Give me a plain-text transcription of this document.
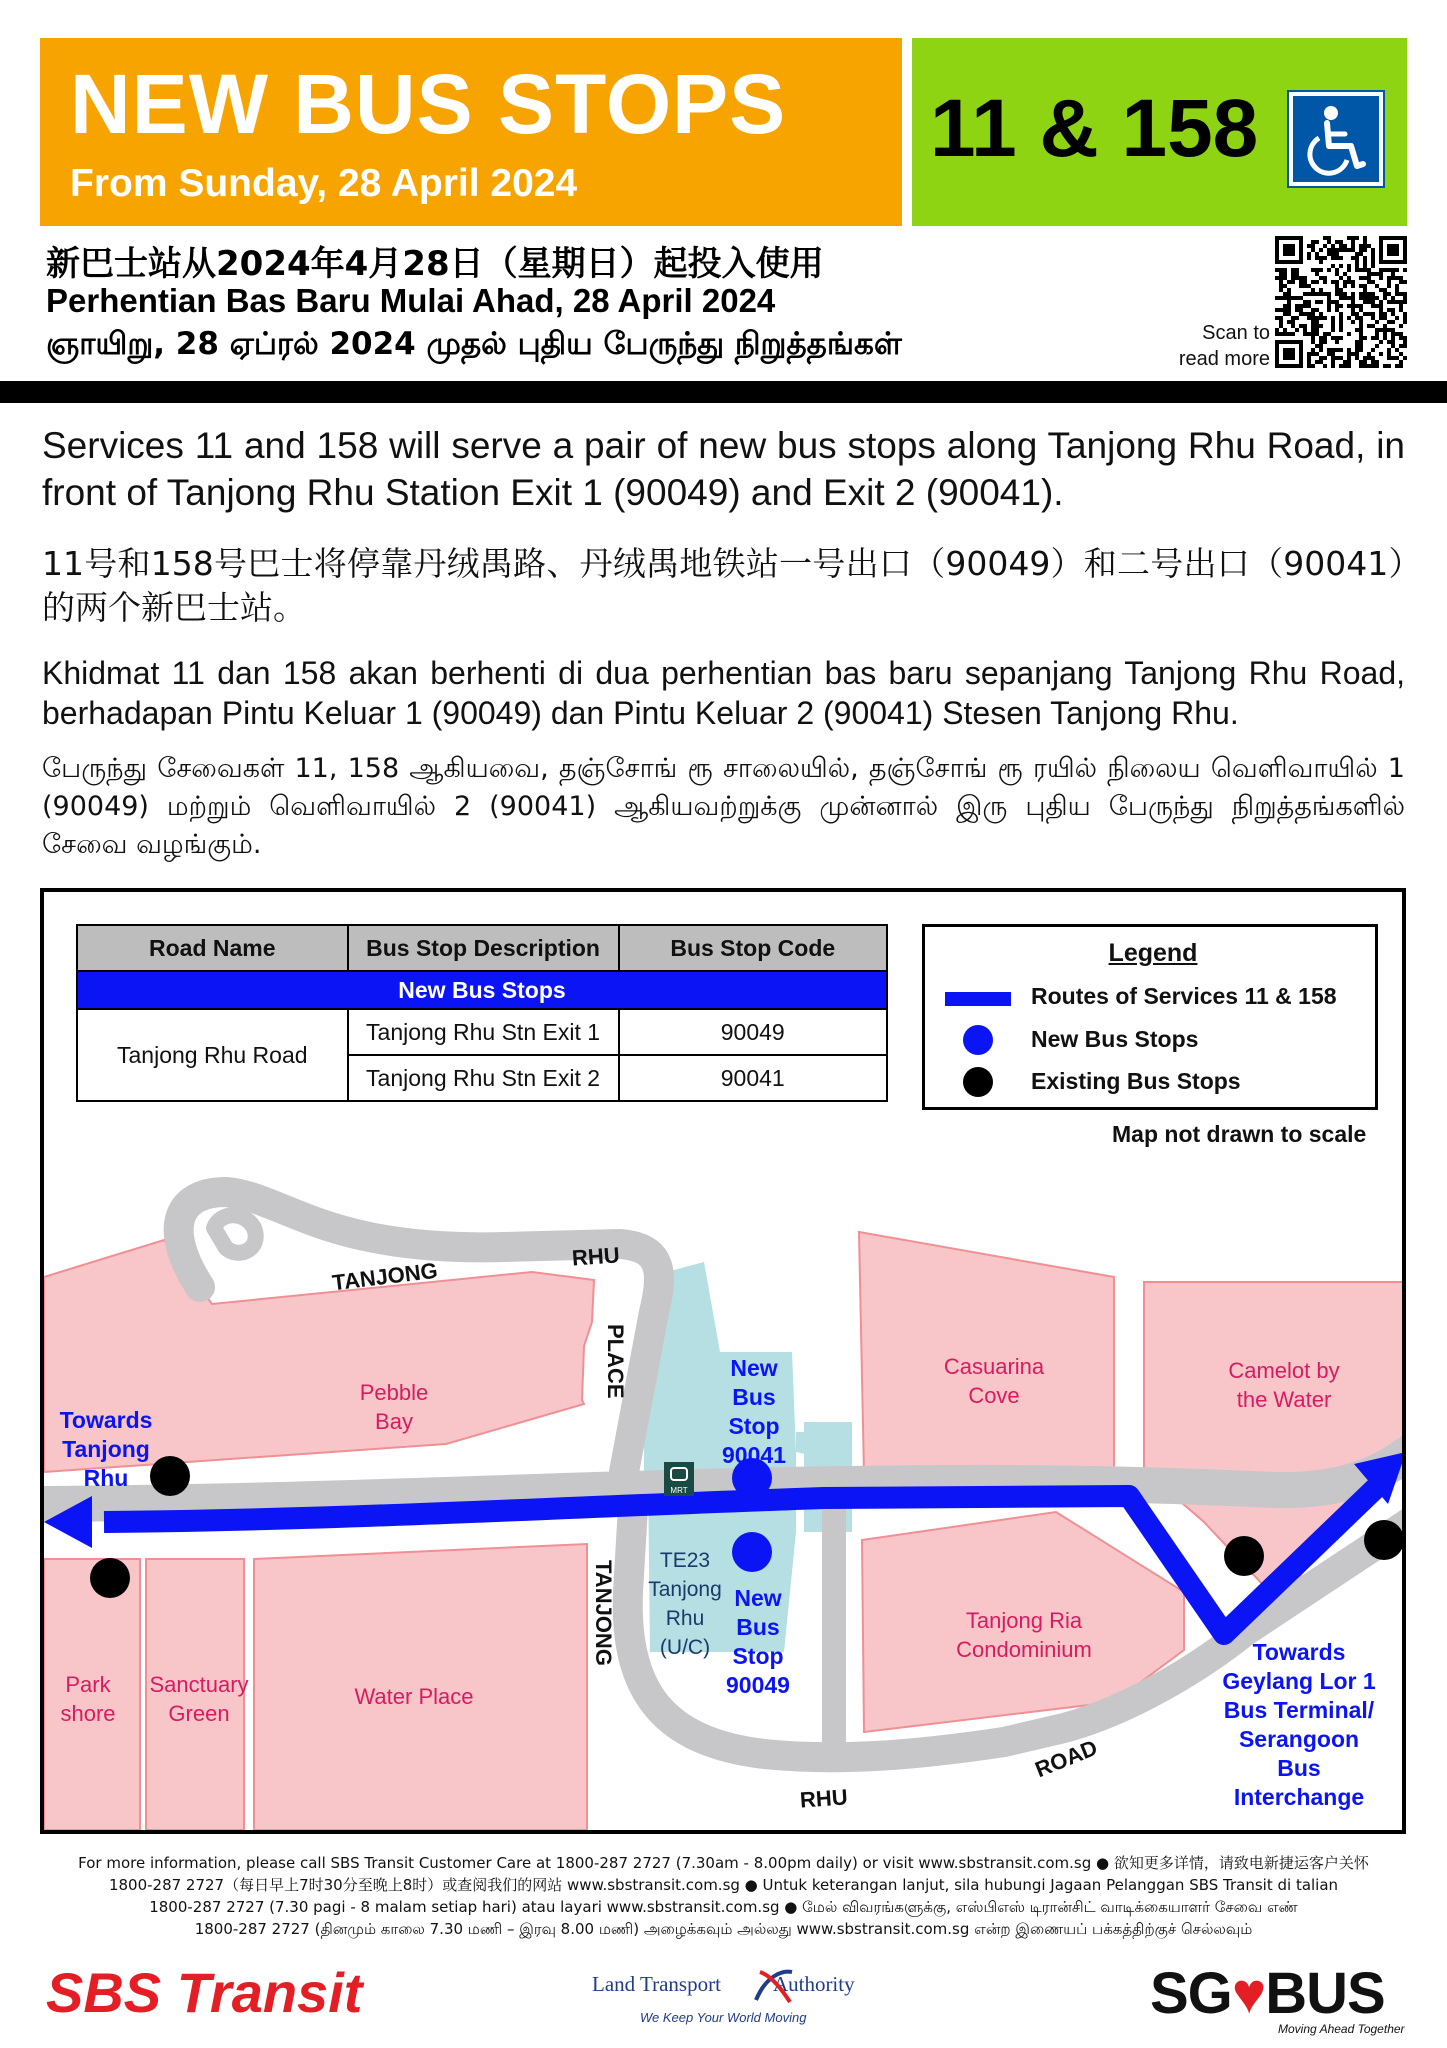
NEW BUS STOPS
From Sunday, 28 April 2024
11 & 158
新巴士站从2024年4月28日（星期日）起投入使用
Perhentian Bas Baru Mulai Ahad, 28 April 2024
ஞாயிறு, 28 ஏப்ரல் 2024 முதல் புதிய பேருந்து நிறுத்தங்கள்	Scan to
read more
Services 11 and 158 will serve a pair of new bus stops along Tanjong Rhu Road, in front of Tanjong Rhu Station Exit 1 (90049) and Exit 2 (90041).
11号和158号巴士将停靠丹绒禺路、丹绒禺地铁站一号出口（90049）和二号出口（90041）的两个新巴士站。
Khidmat 11 dan 158 akan berhenti di dua perhentian bas baru sepanjang Tanjong Rhu Road, berhadapan Pintu Keluar 1 (90049) dan Pintu Keluar 2 (90041) Stesen Tanjong Rhu.
பேருந்து சேவைகள் 11, 158 ஆகியவை, தஞ்சோங் ரூ சாலையில், தஞ்சோங் ரூ ரயில் நிலைய வெளிவாயில் 1 (90049) மற்றும் வெளிவாயில் 2 (90041) ஆகியவற்றுக்கு முன்னால் இரு புதிய பேருந்து நிறுத்தங்களில் சேவை வழங்கும்.
MRT
Road Name	Bus Stop Description	Bus Stop Code
New Bus Stops		
Tanjong Rhu Road	Tanjong Rhu Stn Exit 1	90049
	Tanjong Rhu Stn Exit 2	90041
Legend
Routes of Services 11 & 158
New Bus Stops
Existing Bus Stops
Pebble
Bay
Casuarina
Cove
Camelot by
the Water
Tanjong Ria
Condominium
Park
shore
Sanctuary
Green
Water Place
TANJONG
RHU
PLACE
TANJONG
RHU
ROAD
TE23
Tanjong
Rhu
(U/C)
New
Bus
Stop
90041
New
Bus
Stop
90049
Towards
Tanjong
Rhu
Towards
Geylang Lor 1
Bus Terminal/
Serangoon
Bus
Interchange
Map not drawn to scale
For more information, please call SBS Transit Customer Care at 1800-287 2727 (7.30am - 8.00pm daily) or visit www.sbstransit.com.sg ● 欲知更多详情，请致电新捷运客户关怀
1800-287 2727（每日早上7时30分至晚上8时）或查阅我们的网站 www.sbstransit.com.sg ● Untuk keterangan lanjut, sila hubungi Jagaan Pelanggan SBS Transit di talian
1800-287 2727 (7.30 pagi - 8 malam setiap hari) atau layari www.sbstransit.com.sg ● மேல் விவரங்களுக்கு, எஸ்பிஎஸ் டிரான்சிட் வாடிக்கையாளர் சேவை எண்
1800-287 2727 (தினமும் காலை 7.30 மணி – இரவு 8.00 மணி) அழைக்கவும் அல்லது www.sbstransit.com.sg என்ற இணையப் பக்கத்திற்குச் செல்லவும்
SBS Transit	Land Transport Authority
We Keep Your World Moving	SG♥BUS
Moving Ahead Together
